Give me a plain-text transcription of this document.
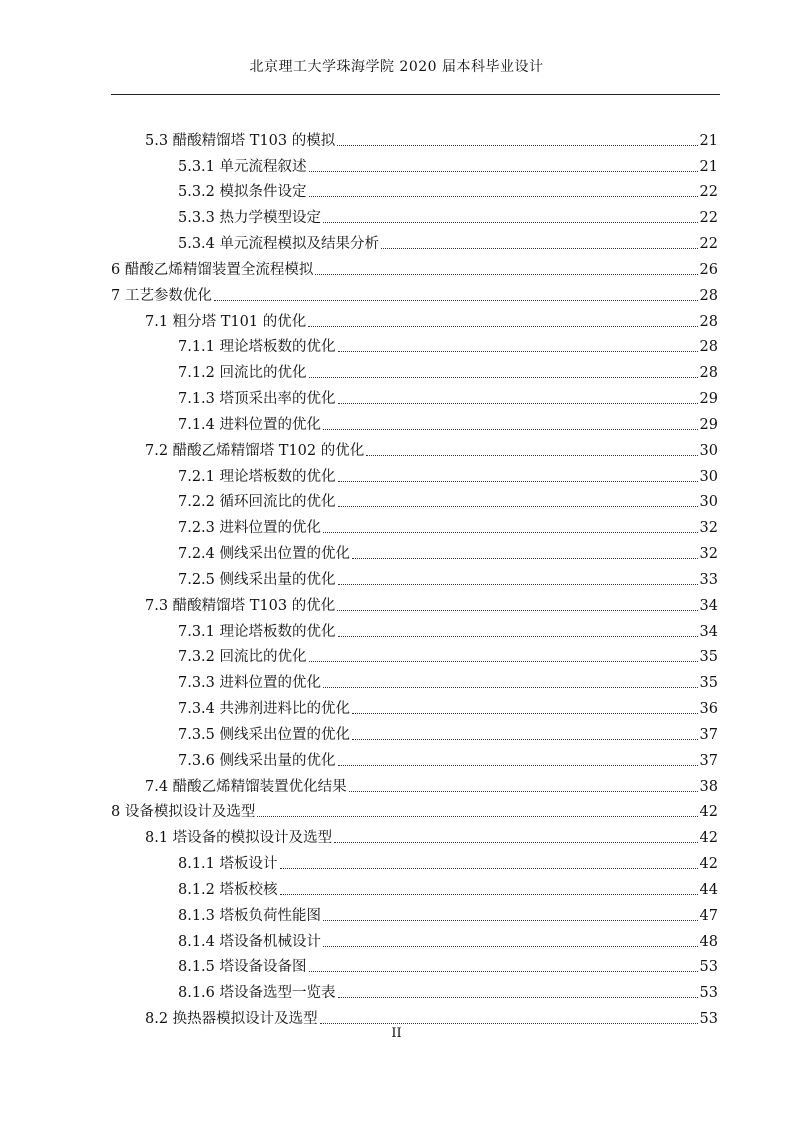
北京理工大学珠海学院 2020 届本科毕业设计
5.3 醋酸精馏塔 T103 的模拟	21
5.3.1 单元流程叙述	21
5.3.2 模拟条件设定	22
5.3.3 热力学模型设定	22
5.3.4 单元流程模拟及结果分析	22
6 醋酸乙烯精馏装置全流程模拟	26
7 工艺参数优化	28
7.1 粗分塔 T101 的优化	28
7.1.1 理论塔板数的优化	28
7.1.2 回流比的优化	28
7.1.3 塔顶采出率的优化	29
7.1.4 进料位置的优化	29
7.2 醋酸乙烯精馏塔 T102 的优化	30
7.2.1 理论塔板数的优化	30
7.2.2 循环回流比的优化	30
7.2.3 进料位置的优化	32
7.2.4 侧线采出位置的优化	32
7.2.5 侧线采出量的优化	33
7.3 醋酸精馏塔 T103 的优化	34
7.3.1 理论塔板数的优化	34
7.3.2 回流比的优化	35
7.3.3 进料位置的优化	35
7.3.4 共沸剂进料比的优化	36
7.3.5 侧线采出位置的优化	37
7.3.6 侧线采出量的优化	37
7.4 醋酸乙烯精馏装置优化结果	38
8 设备模拟设计及选型	42
8.1 塔设备的模拟设计及选型	42
8.1.1 塔板设计	42
8.1.2 塔板校核	44
8.1.3 塔板负荷性能图	47
8.1.4 塔设备机械设计	48
8.1.5 塔设备设备图	53
8.1.6 塔设备选型一览表	53
8.2 换热器模拟设计及选型	53
II
